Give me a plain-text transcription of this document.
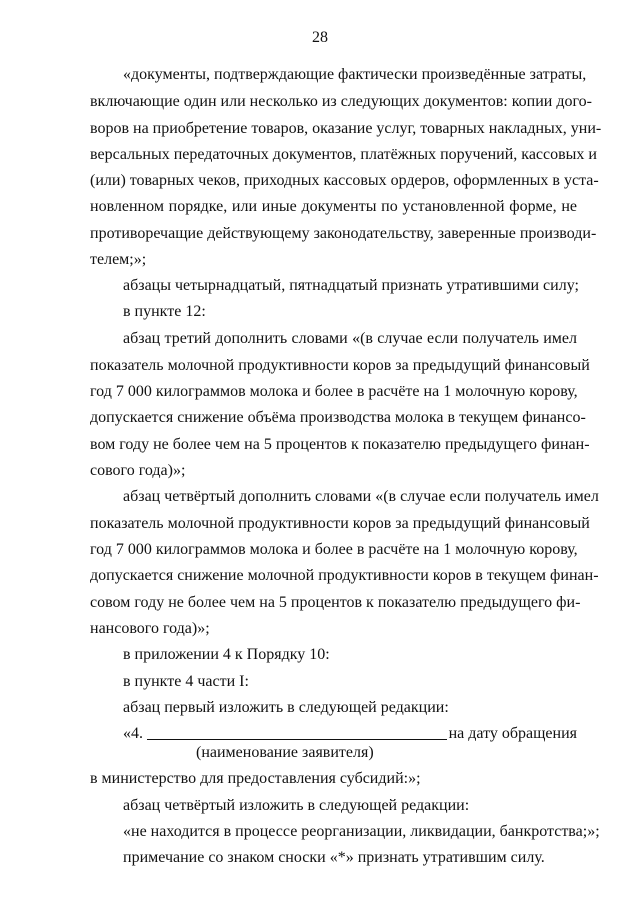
28
«документы, подтверждающие фактически произведённые затраты,
включающие один или несколько из следующих документов: копии дого-
воров на приобретение товаров, оказание услуг, товарных накладных, уни-
версальных передаточных документов, платёжных поручений, кассовых и
(или) товарных чеков, приходных кассовых ордеров, оформленных в уста-
новленном порядке, или иные документы по установленной форме, не
противоречащие действующему законодательству, заверенные производи-
телем;»;
абзацы четырнадцатый, пятнадцатый признать утратившими силу;
в пункте 12:
абзац третий дополнить словами «(в случае если получатель имел
показатель молочной продуктивности коров за предыдущий финансовый
год 7 000 килограммов молока и более в расчёте на 1 молочную корову,
допускается снижение объёма производства молока в текущем финансо-
вом году не более чем на 5 процентов к показателю предыдущего финан-
сового года)»;
абзац четвёртый дополнить словами «(в случае если получатель имел
показатель молочной продуктивности коров за предыдущий финансовый
год 7 000 килограммов молока и более в расчёте на 1 молочную корову,
допускается снижение молочной продуктивности коров в текущем финан-
совом году не более чем на 5 процентов к показателю предыдущего фи-
нансового года)»;
в приложении 4 к Порядку 10:
в пункте 4 части I:
абзац первый изложить в следующей редакции:
«4.	на дату обращения
(наименование заявителя)
в министерство для предоставления субсидий:»;
абзац четвёртый изложить в следующей редакции:
«не находится в процессе реорганизации, ликвидации, банкротства;»;
примечание со знаком сноски «*» признать утратившим силу.
